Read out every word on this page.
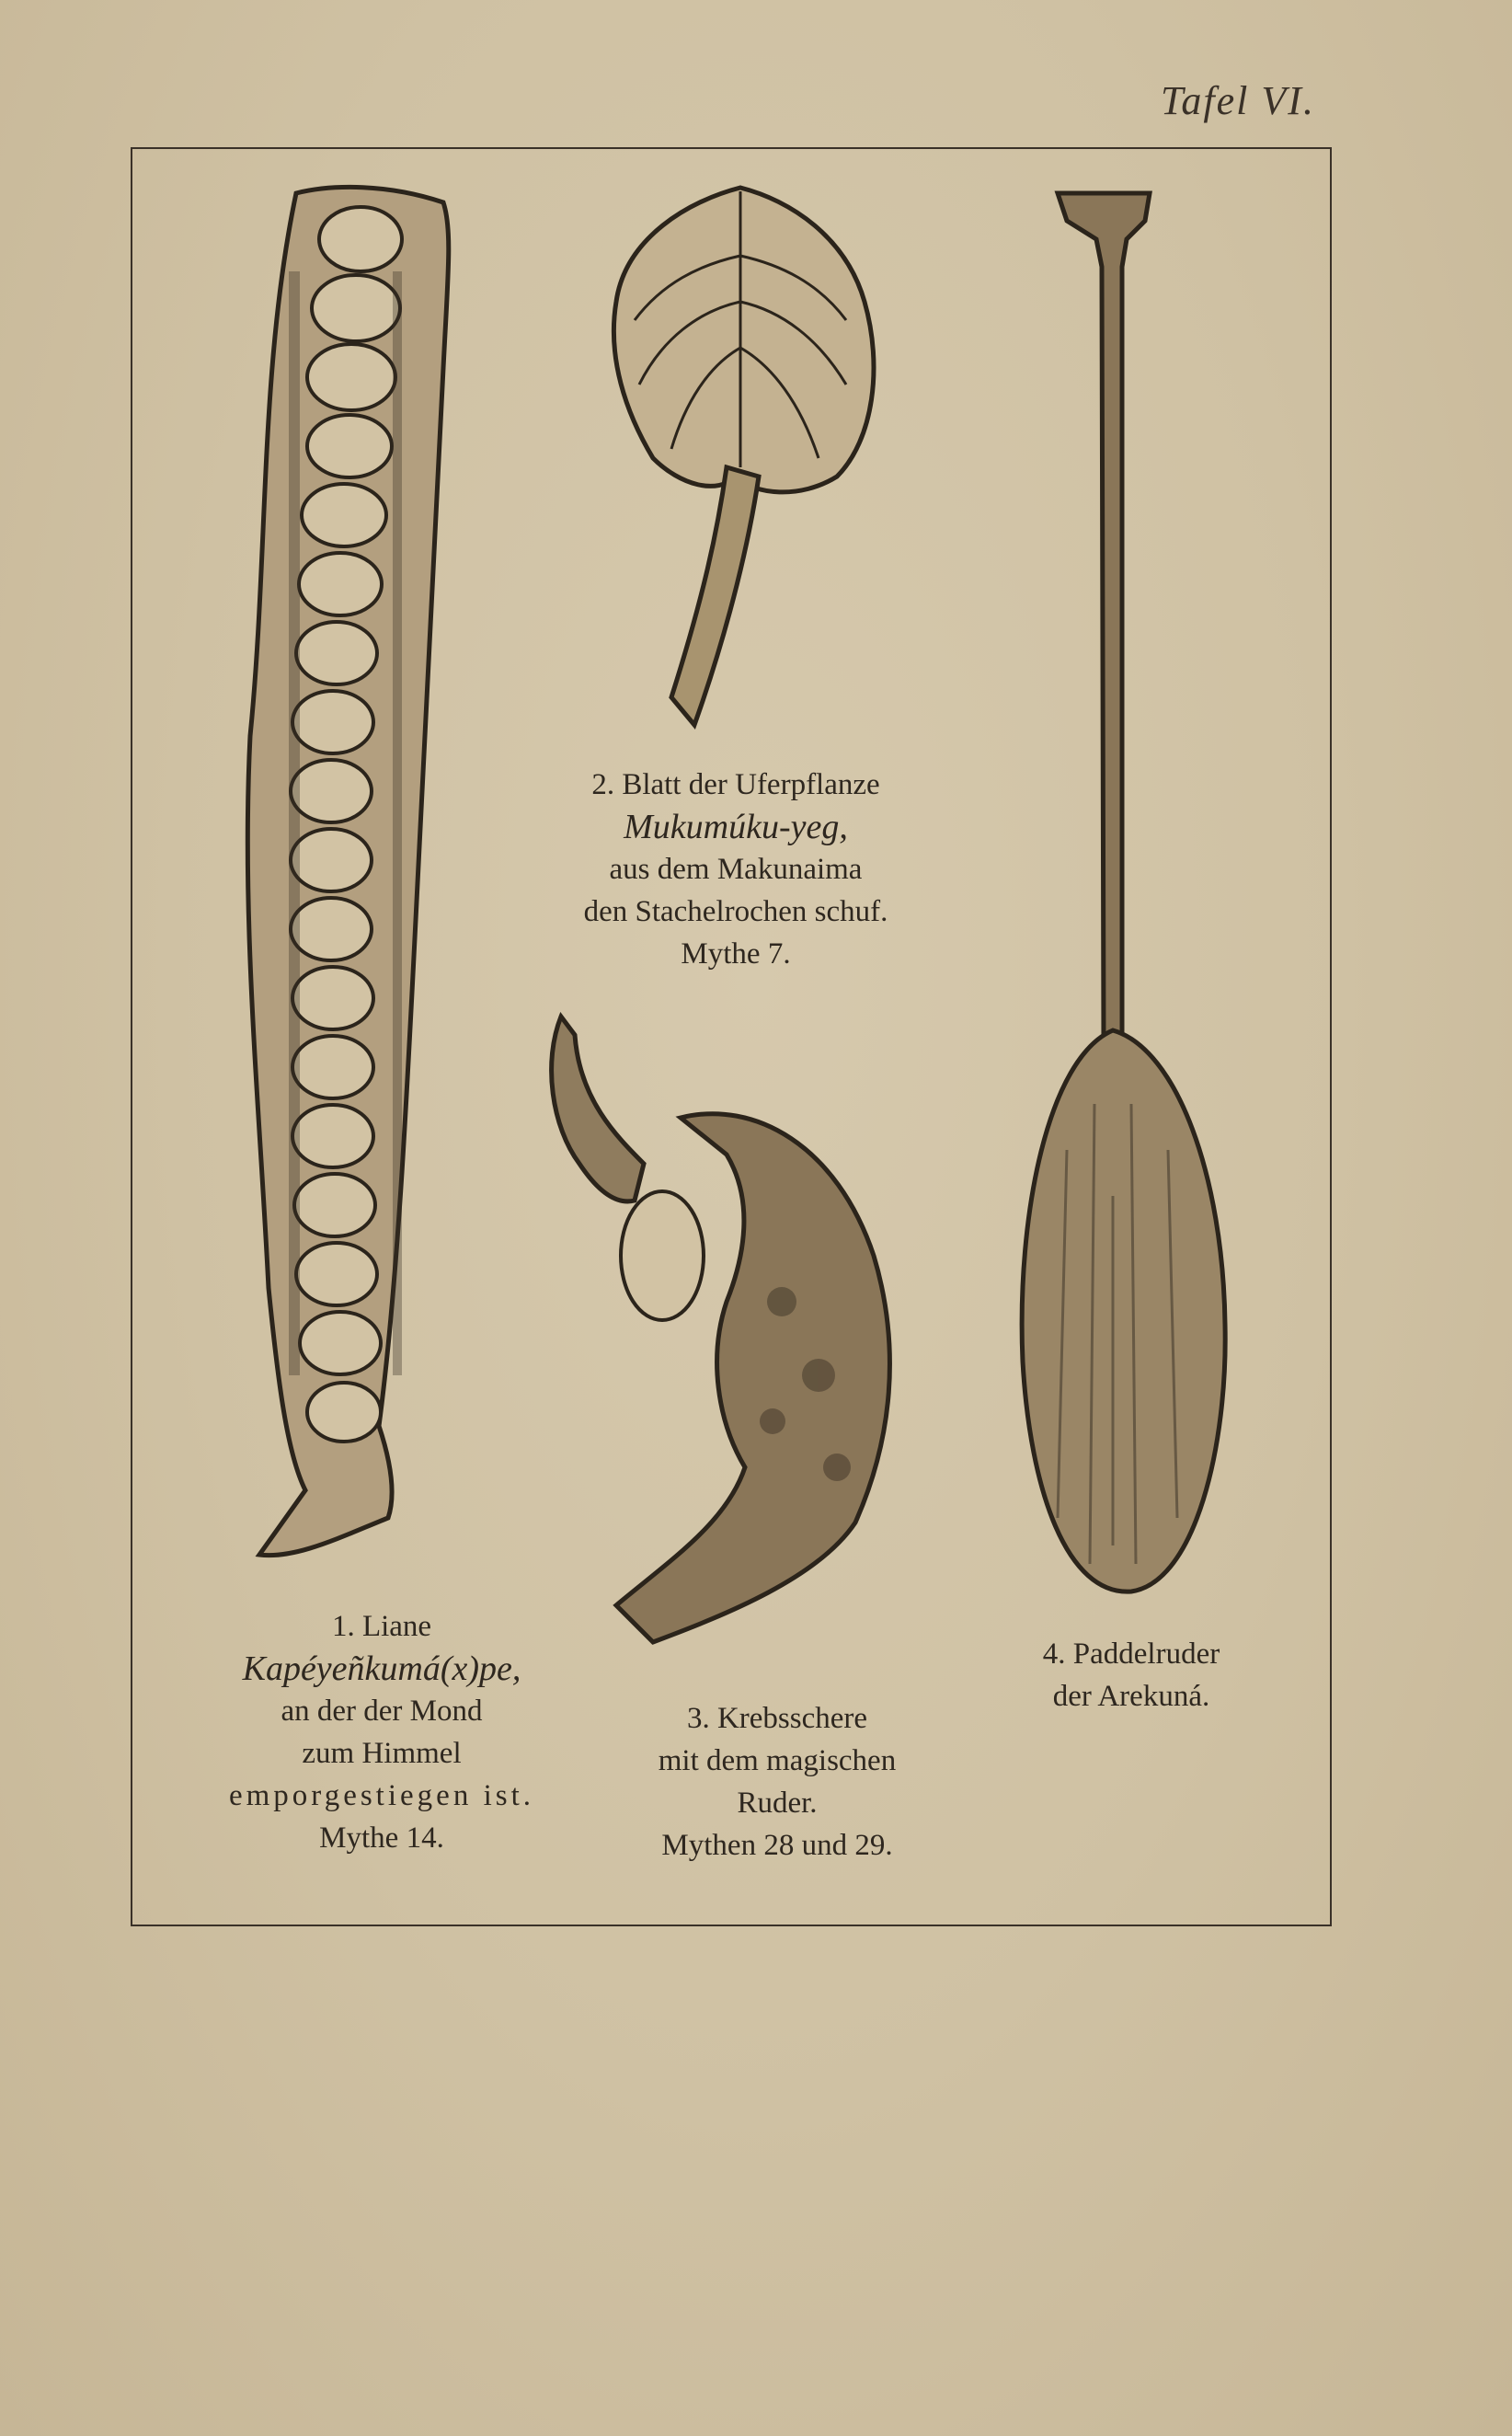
Tafel VI.
2. Blatt der Uferpflanze
Mukumúku-yeg,
aus dem Makunaima
den Stachelrochen schuf.
Mythe 7.
1. Liane
Kapéyeñkumá(x)pe,
an der der Mond
zum Himmel
emporgestiegen ist.
Mythe 14.
3. Krebsschere
mit dem magischen
Ruder.
Mythen 28 und 29.
4. Paddelruder
der Arekuná.
